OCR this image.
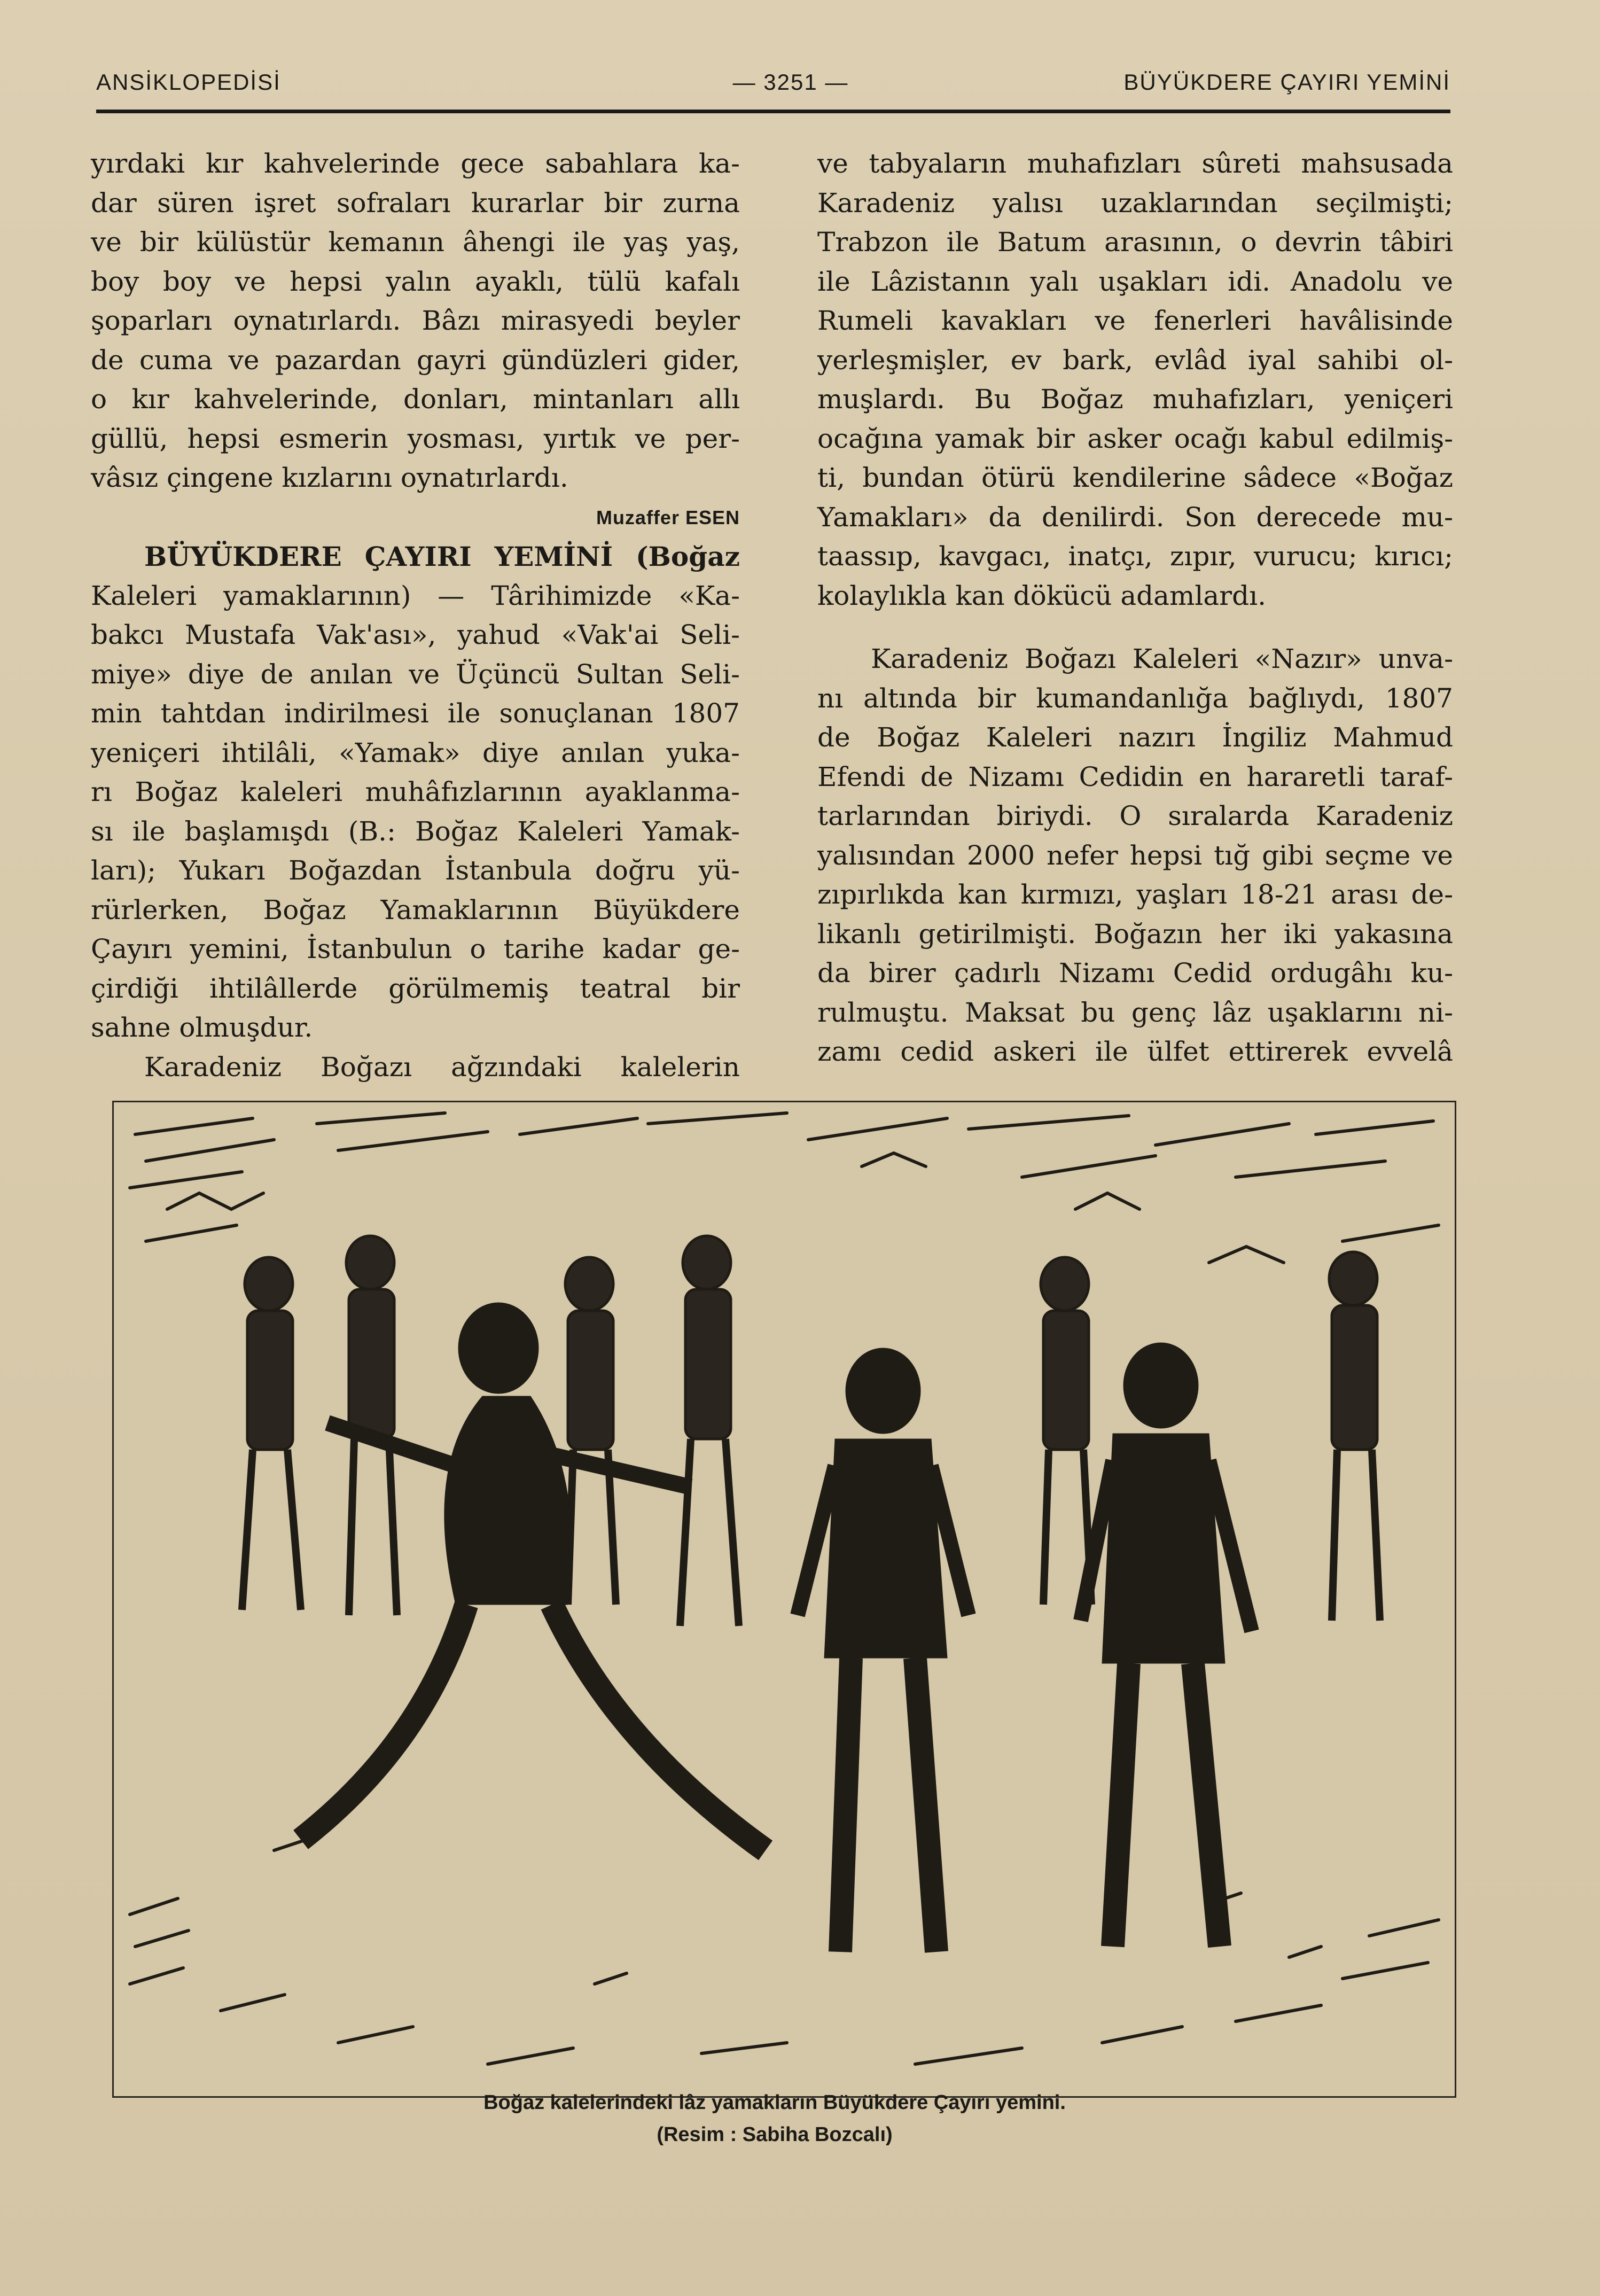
ANSİKLOPEDİSİ	— 3251 —	BÜYÜKDERE ÇAYIRI YEMİNİ
yırdaki kır kahvelerinde gece sabahlara ka-
dar süren işret sofraları kurarlar bir zurna
ve bir külüstür kemanın âhengi ile yaş yaş,
boy boy ve hepsi yalın ayaklı, tülü kafalı
şoparları oynatırlardı. Bâzı mirasyedi beyler
de cuma ve pazardan gayri gündüzleri gider,
o kır kahvelerinde, donları, mintanları allı
güllü, hepsi esmerin yosması, yırtık ve per-
vâsız çingene kızlarını oynatırlardı.
Muzaffer ESEN
BÜYÜKDERE ÇAYIRI YEMİNİ (Boğaz
Kaleleri yamaklarının) — Târihimizde «Ka-
bakcı Mustafa Vak'ası», yahud «Vak'ai Seli-
miye» diye de anılan ve Üçüncü Sultan Seli-
min tahtdan indirilmesi ile sonuçlanan 1807
yeniçeri ihtilâli, «Yamak» diye anılan yuka-
rı Boğaz kaleleri muhâfızlarının ayaklanma-
sı ile başlamışdı (B.: Boğaz Kaleleri Yamak-
ları); Yukarı Boğazdan İstanbula doğru yü-
rürlerken, Boğaz Yamaklarının Büyükdere
Çayırı yemini, İstanbulun o tarihe kadar ge-
çirdiği ihtilâllerde görülmemiş teatral bir
sahne olmuşdur.
Karadeniz Boğazı ağzındaki kalelerin
ve tabyaların muhafızları sûreti mahsusada
Karadeniz yalısı uzaklarından seçilmişti;
Trabzon ile Batum arasının, o devrin tâbiri
ile Lâzistanın yalı uşakları idi. Anadolu ve
Rumeli kavakları ve fenerleri havâlisinde
yerleşmişler, ev bark, evlâd iyal sahibi ol-
muşlardı. Bu Boğaz muhafızları, yeniçeri
ocağına yamak bir asker ocağı kabul edilmiş-
ti, bundan ötürü kendilerine sâdece «Boğaz
Yamakları» da denilirdi. Son derecede mu-
taassıp, kavgacı, inatçı, zıpır, vurucu; kırıcı;
kolaylıkla kan dökücü adamlardı.
Karadeniz Boğazı Kaleleri «Nazır» unva-
nı altında bir kumandanlığa bağlıydı, 1807
de Boğaz Kaleleri nazırı İngiliz Mahmud
Efendi de Nizamı Cedidin en hararetli taraf-
tarlarından biriydi. O sıralarda Karadeniz
yalısından 2000 nefer hepsi tığ gibi seçme ve
zıpırlıkda kan kırmızı, yaşları 18-21 arası de-
likanlı getirilmişti. Boğazın her iki yakasına
da birer çadırlı Nizamı Cedid ordugâhı ku-
rulmuştu. Maksat bu genç lâz uşaklarını ni-
zamı cedid askeri ile ülfet ettirerek evvelâ
Boğaz kalelerindeki lâz yamakların Büyükdere Çayırı yemini.
(Resim : Sabiha Bozcalı)
